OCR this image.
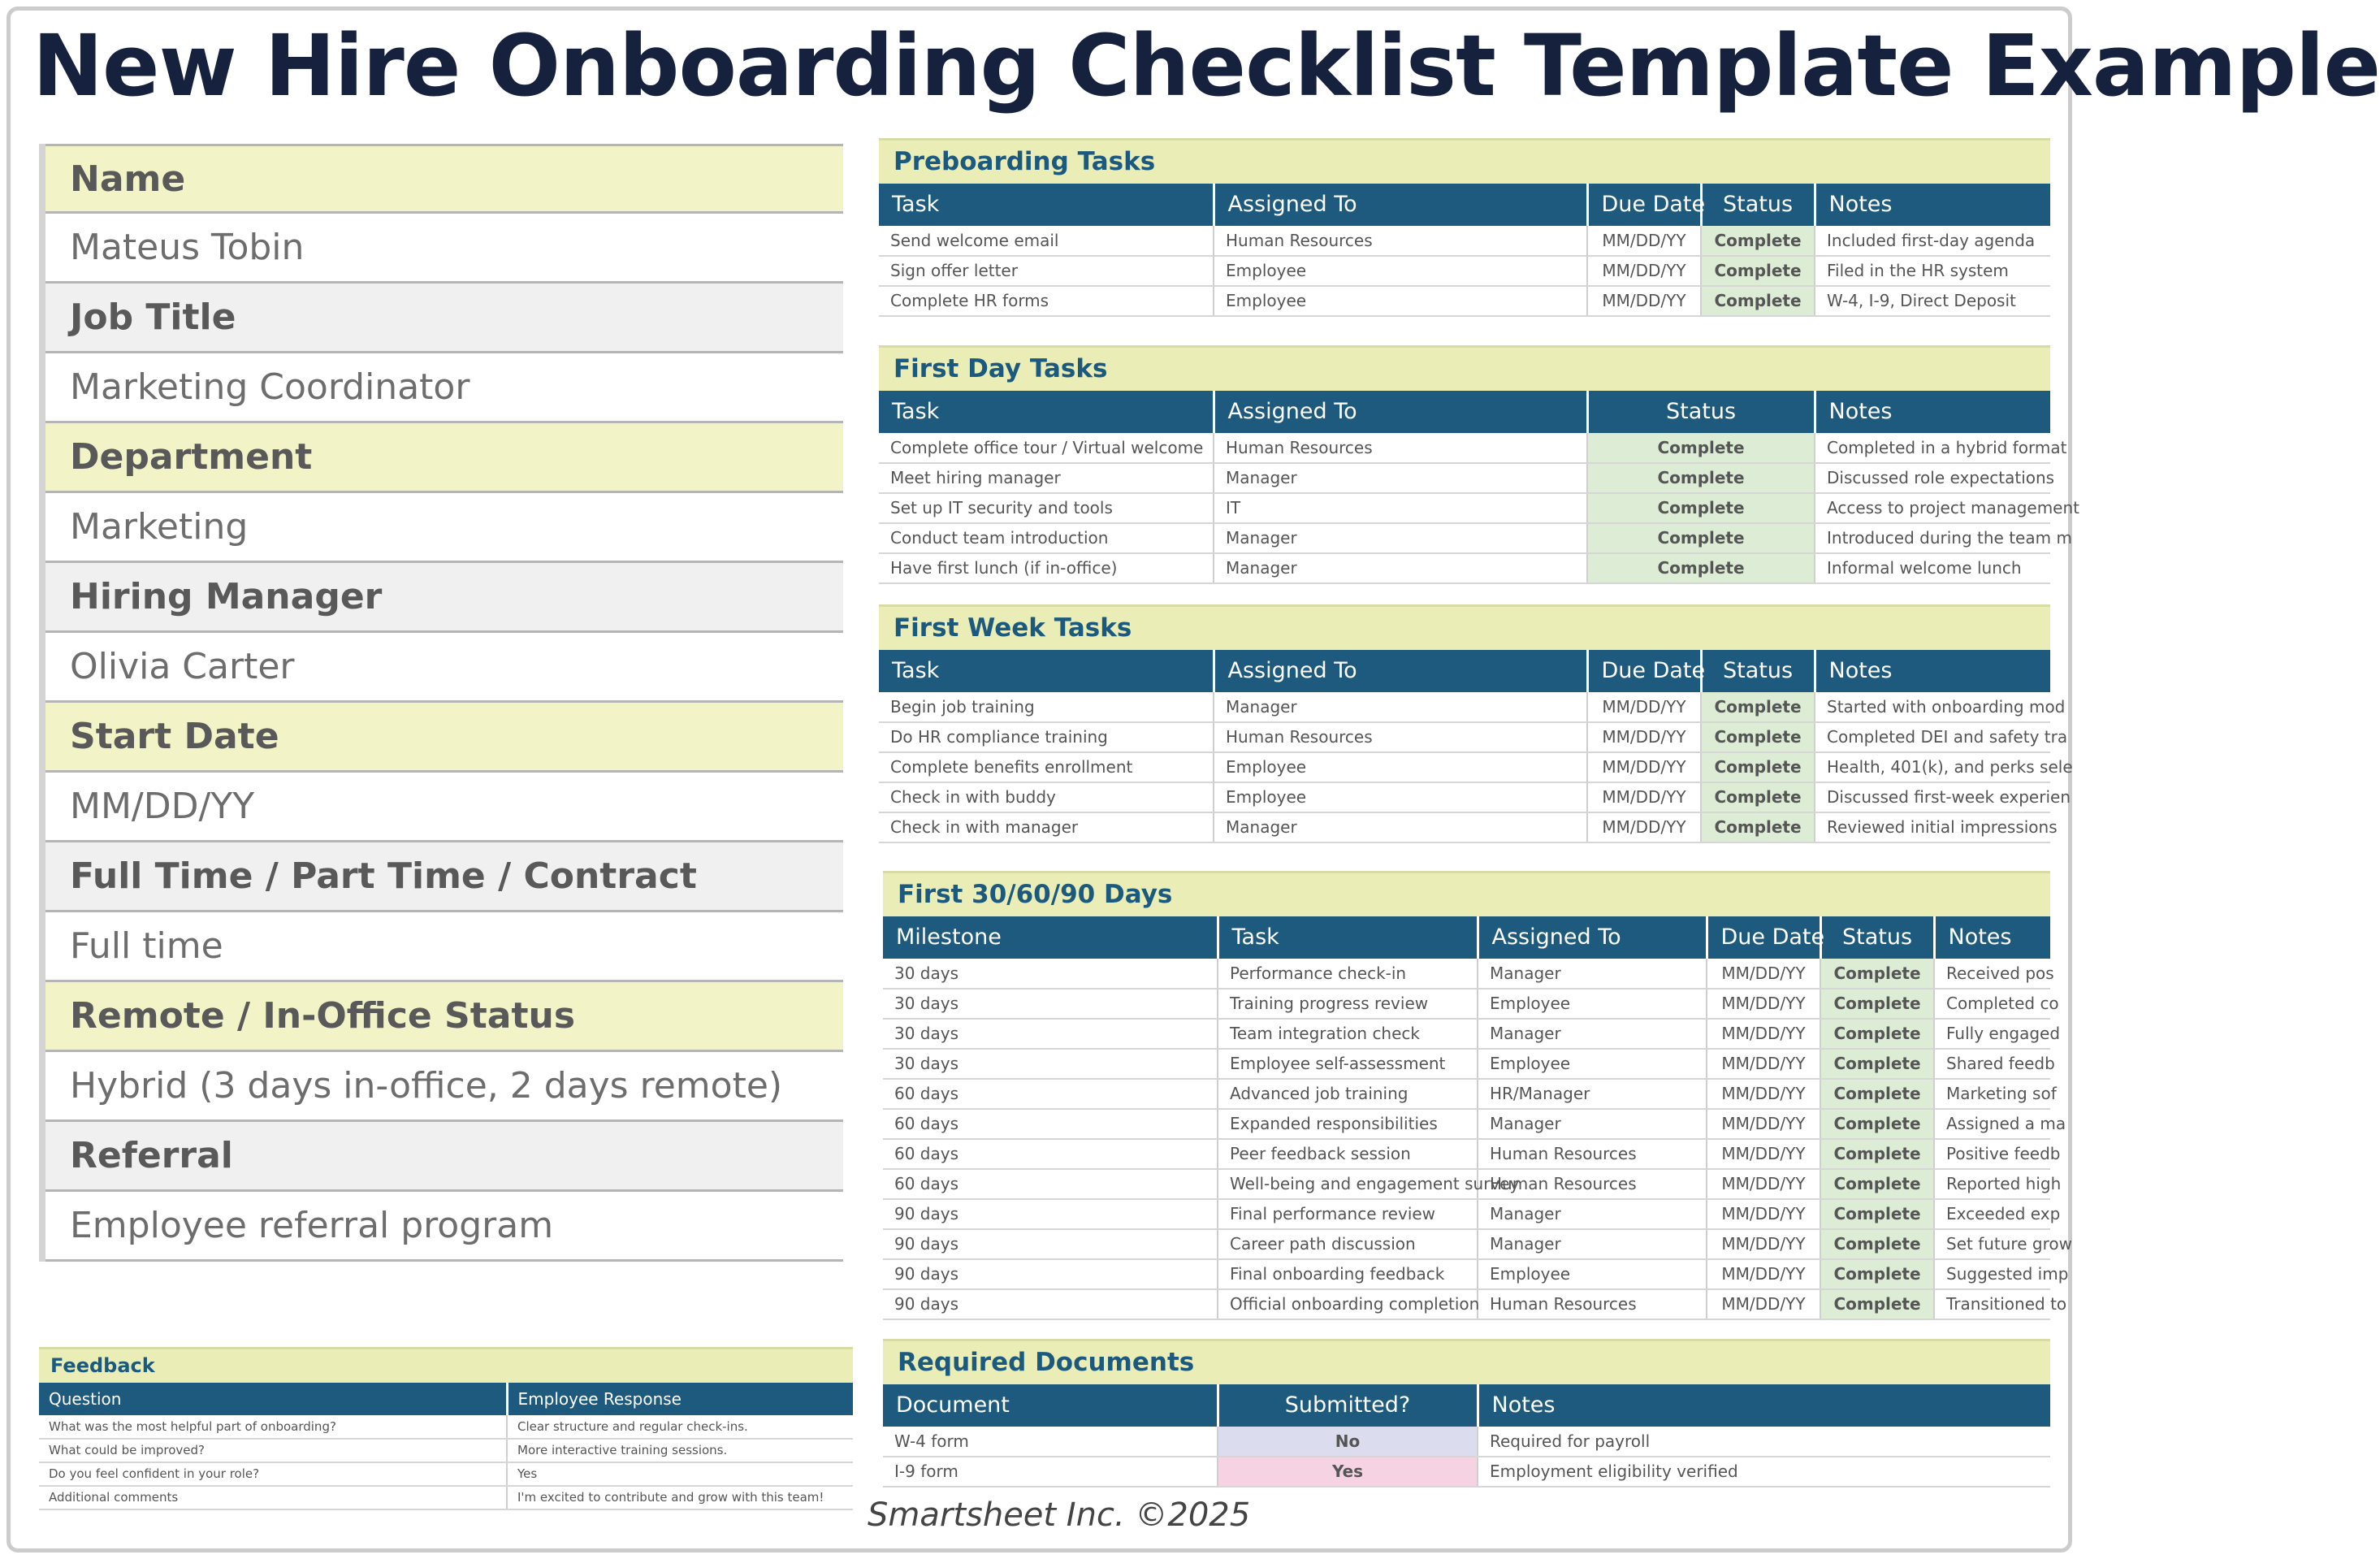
New Hire Onboarding Checklist Template Example
Name
Mateus Tobin
Job Title
Marketing Coordinator
Department
Marketing
Hiring Manager
Olivia Carter
Start Date
MM/DD/YY
Full Time / Part Time / Contract
Full time
Remote / In-Office Status
Hybrid (3 days in-office, 2 days remote)
Referral
Employee referral program
Preboarding Tasks				
Task	Assigned To	Due Date	Status	Notes
Send welcome email	Human Resources	MM/DD/YY	Complete	Included first-day agenda
Sign offer letter	Employee	MM/DD/YY	Complete	Filed in the HR system
Complete HR forms	Employee	MM/DD/YY	Complete	W-4, I-9, Direct Deposit
First Day Tasks			
Task	Assigned To	Status	Notes
Complete office tour / Virtual welcome	Human Resources	Complete	Completed in a hybrid format
Meet hiring manager	Manager	Complete	Discussed role expectations
Set up IT security and tools	IT	Complete	Access to project management
Conduct team introduction	Manager	Complete	Introduced during the team m
Have first lunch (if in-office)	Manager	Complete	Informal welcome lunch
First Week Tasks				
Task	Assigned To	Due Date	Status	Notes
Begin job training	Manager	MM/DD/YY	Complete	Started with onboarding mod
Do HR compliance training	Human Resources	MM/DD/YY	Complete	Completed DEI and safety tra
Complete benefits enrollment	Employee	MM/DD/YY	Complete	Health, 401(k), and perks sele
Check in with buddy	Employee	MM/DD/YY	Complete	Discussed first-week experien
Check in with manager	Manager	MM/DD/YY	Complete	Reviewed initial impressions
First 30/60/90 Days					
Milestone	Task	Assigned To	Due Date	Status	Notes
30 days	Performance check-in	Manager	MM/DD/YY	Complete	Received pos
30 days	Training progress review	Employee	MM/DD/YY	Complete	Completed co
30 days	Team integration check	Manager	MM/DD/YY	Complete	Fully engaged
30 days	Employee self-assessment	Employee	MM/DD/YY	Complete	Shared feedb
60 days	Advanced job training	HR/Manager	MM/DD/YY	Complete	Marketing sof
60 days	Expanded responsibilities	Manager	MM/DD/YY	Complete	Assigned a ma
60 days	Peer feedback session	Human Resources	MM/DD/YY	Complete	Positive feedb
60 days	Well-being and engagement survey	Human Resources	MM/DD/YY	Complete	Reported high
90 days	Final performance review	Manager	MM/DD/YY	Complete	Exceeded exp
90 days	Career path discussion	Manager	MM/DD/YY	Complete	Set future grow
90 days	Final onboarding feedback	Employee	MM/DD/YY	Complete	Suggested imp
90 days	Official onboarding completion	Human Resources	MM/DD/YY	Complete	Transitioned to
Required Documents		
Document	Submitted?	Notes
W-4 form	No	Required for payroll
I-9 form	Yes	Employment eligibility verified
Feedback	
Question	Employee Response
What was the most helpful part of onboarding?	Clear structure and regular check-ins.
What could be improved?	More interactive training sessions.
Do you feel confident in your role?	Yes
Additional comments	I'm excited to contribute and grow with this team! Smartsheet Inc. ©2025
